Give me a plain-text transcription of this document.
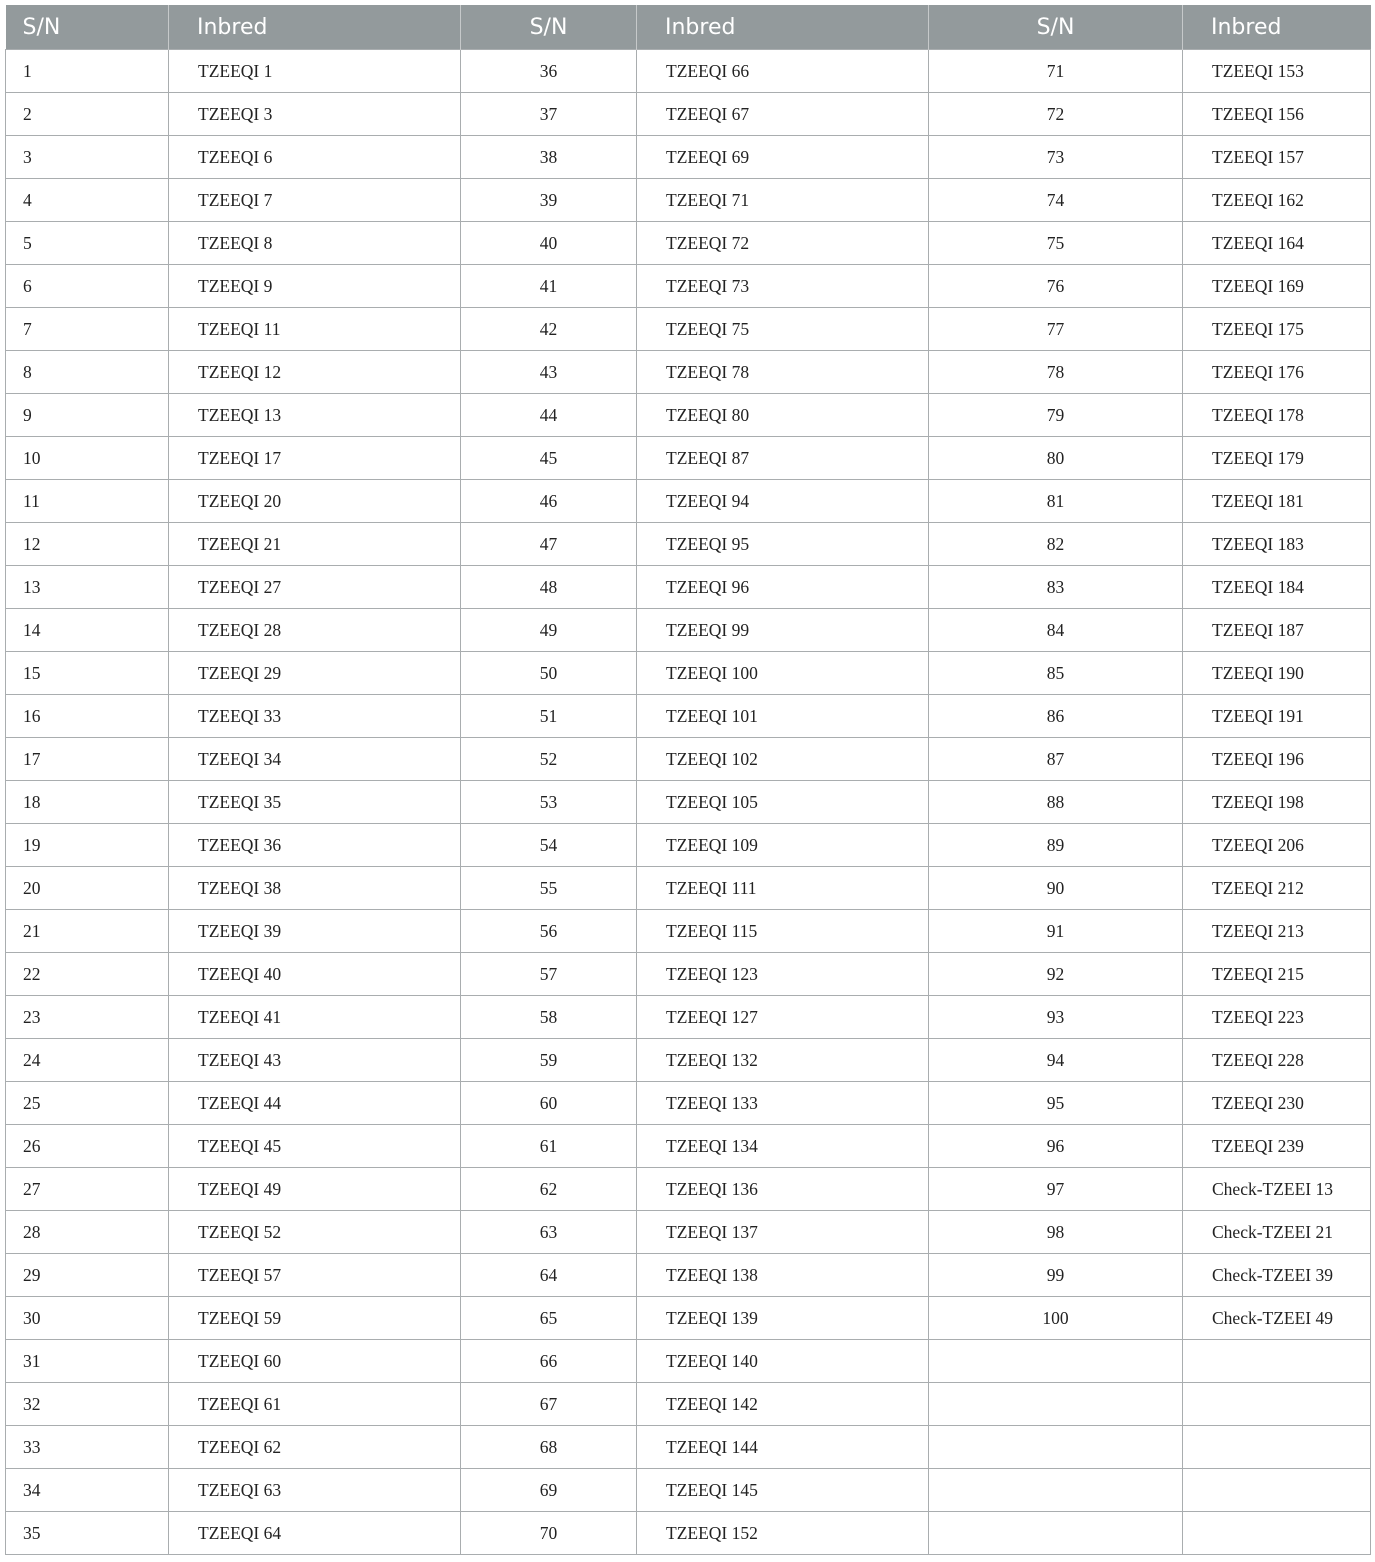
S/N	Inbred	S/N	Inbred	S/N	Inbred
1	TZEEQI 1	36	TZEEQI 66	71	TZEEQI 153
2	TZEEQI 3	37	TZEEQI 67	72	TZEEQI 156
3	TZEEQI 6	38	TZEEQI 69	73	TZEEQI 157
4	TZEEQI 7	39	TZEEQI 71	74	TZEEQI 162
5	TZEEQI 8	40	TZEEQI 72	75	TZEEQI 164
6	TZEEQI 9	41	TZEEQI 73	76	TZEEQI 169
7	TZEEQI 11	42	TZEEQI 75	77	TZEEQI 175
8	TZEEQI 12	43	TZEEQI 78	78	TZEEQI 176
9	TZEEQI 13	44	TZEEQI 80	79	TZEEQI 178
10	TZEEQI 17	45	TZEEQI 87	80	TZEEQI 179
11	TZEEQI 20	46	TZEEQI 94	81	TZEEQI 181
12	TZEEQI 21	47	TZEEQI 95	82	TZEEQI 183
13	TZEEQI 27	48	TZEEQI 96	83	TZEEQI 184
14	TZEEQI 28	49	TZEEQI 99	84	TZEEQI 187
15	TZEEQI 29	50	TZEEQI 100	85	TZEEQI 190
16	TZEEQI 33	51	TZEEQI 101	86	TZEEQI 191
17	TZEEQI 34	52	TZEEQI 102	87	TZEEQI 196
18	TZEEQI 35	53	TZEEQI 105	88	TZEEQI 198
19	TZEEQI 36	54	TZEEQI 109	89	TZEEQI 206
20	TZEEQI 38	55	TZEEQI 111	90	TZEEQI 212
21	TZEEQI 39	56	TZEEQI 115	91	TZEEQI 213
22	TZEEQI 40	57	TZEEQI 123	92	TZEEQI 215
23	TZEEQI 41	58	TZEEQI 127	93	TZEEQI 223
24	TZEEQI 43	59	TZEEQI 132	94	TZEEQI 228
25	TZEEQI 44	60	TZEEQI 133	95	TZEEQI 230
26	TZEEQI 45	61	TZEEQI 134	96	TZEEQI 239
27	TZEEQI 49	62	TZEEQI 136	97	Check-TZEEI 13
28	TZEEQI 52	63	TZEEQI 137	98	Check-TZEEI 21
29	TZEEQI 57	64	TZEEQI 138	99	Check-TZEEI 39
30	TZEEQI 59	65	TZEEQI 139	100	Check-TZEEI 49
31	TZEEQI 60	66	TZEEQI 140		
32	TZEEQI 61	67	TZEEQI 142		
33	TZEEQI 62	68	TZEEQI 144		
34	TZEEQI 63	69	TZEEQI 145		
35	TZEEQI 64	70	TZEEQI 152		
